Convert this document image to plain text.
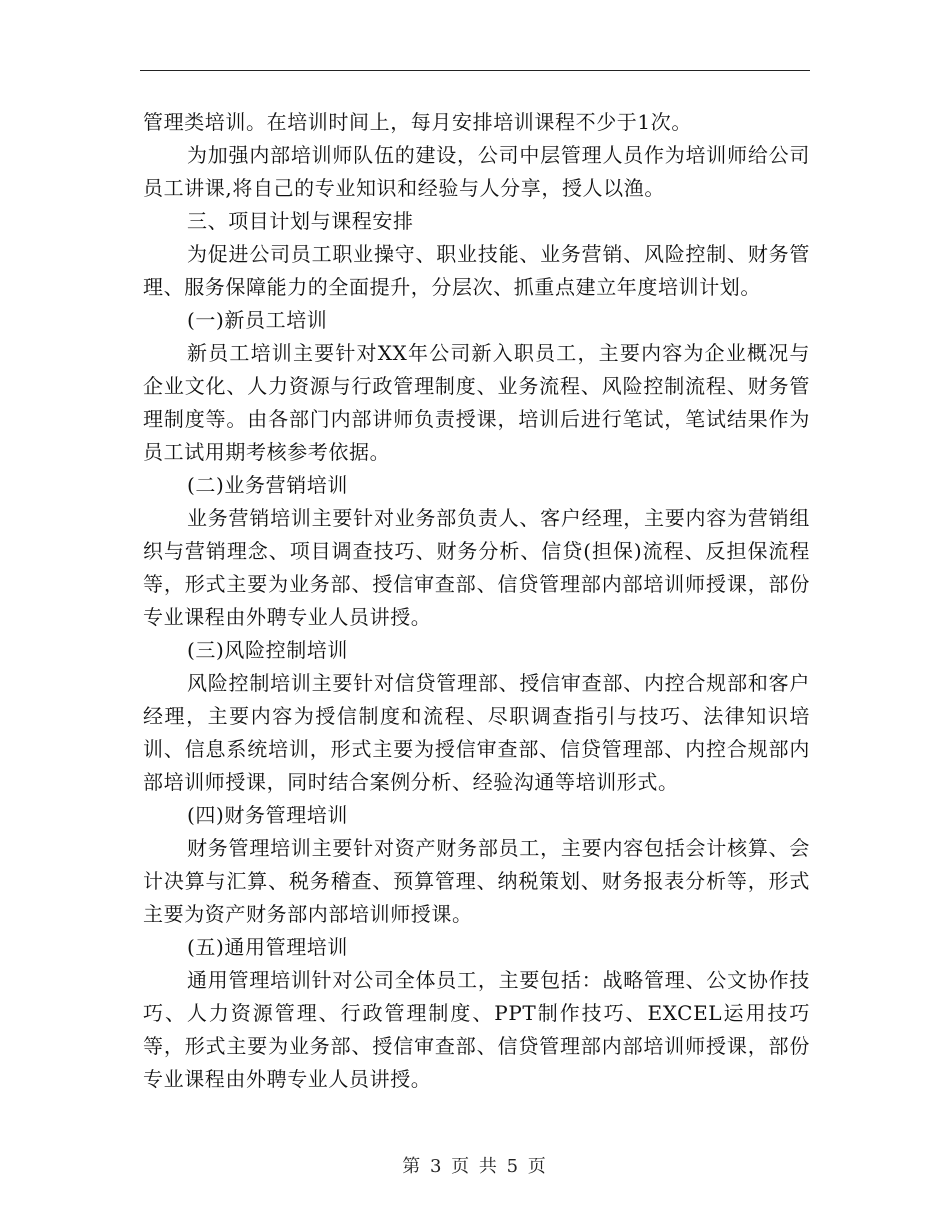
管理类培训。在培训时间上，每月安排培训课程不少于1次。

为加强内部培训师队伍的建设，公司中层管理人员作为培训师给公司员工讲课,将自己的专业知识和经验与人分享，授人以渔。

三、项目计划与课程安排

为促进公司员工职业操守、职业技能、业务营销、风险控制、财务管理、服务保障能力的全面提升，分层次、抓重点建立年度培训计划。

(一)新员工培训

新员工培训主要针对XX年公司新入职员工，主要内容为企业概况与企业文化、人力资源与行政管理制度、业务流程、风险控制流程、财务管理制度等。由各部门内部讲师负责授课，培训后进行笔试，笔试结果作为员工试用期考核参考依据。

(二)业务营销培训

业务营销培训主要针对业务部负责人、客户经理，主要内容为营销组织与营销理念、项目调查技巧、财务分析、信贷(担保)流程、反担保流程等，形式主要为业务部、授信审查部、信贷管理部内部培训师授课，部份专业课程由外聘专业人员讲授。

(三)风险控制培训

风险控制培训主要针对信贷管理部、授信审查部、内控合规部和客户经理，主要内容为授信制度和流程、尽职调查指引与技巧、法律知识培训、信息系统培训，形式主要为授信审查部、信贷管理部、内控合规部内部培训师授课，同时结合案例分析、经验沟通等培训形式。

(四)财务管理培训

财务管理培训主要针对资产财务部员工，主要内容包括会计核算、会计决算与汇算、税务稽查、预算管理、纳税策划、财务报表分析等，形式主要为资产财务部内部培训师授课。

(五)通用管理培训

通用管理培训针对公司全体员工，主要包括：战略管理、公文协作技巧、人力资源管理、行政管理制度、PPT制作技巧、EXCEL运用技巧等，形式主要为业务部、授信审查部、信贷管理部内部培训师授课，部份专业课程由外聘专业人员讲授。

第 3 页 共 5 页
